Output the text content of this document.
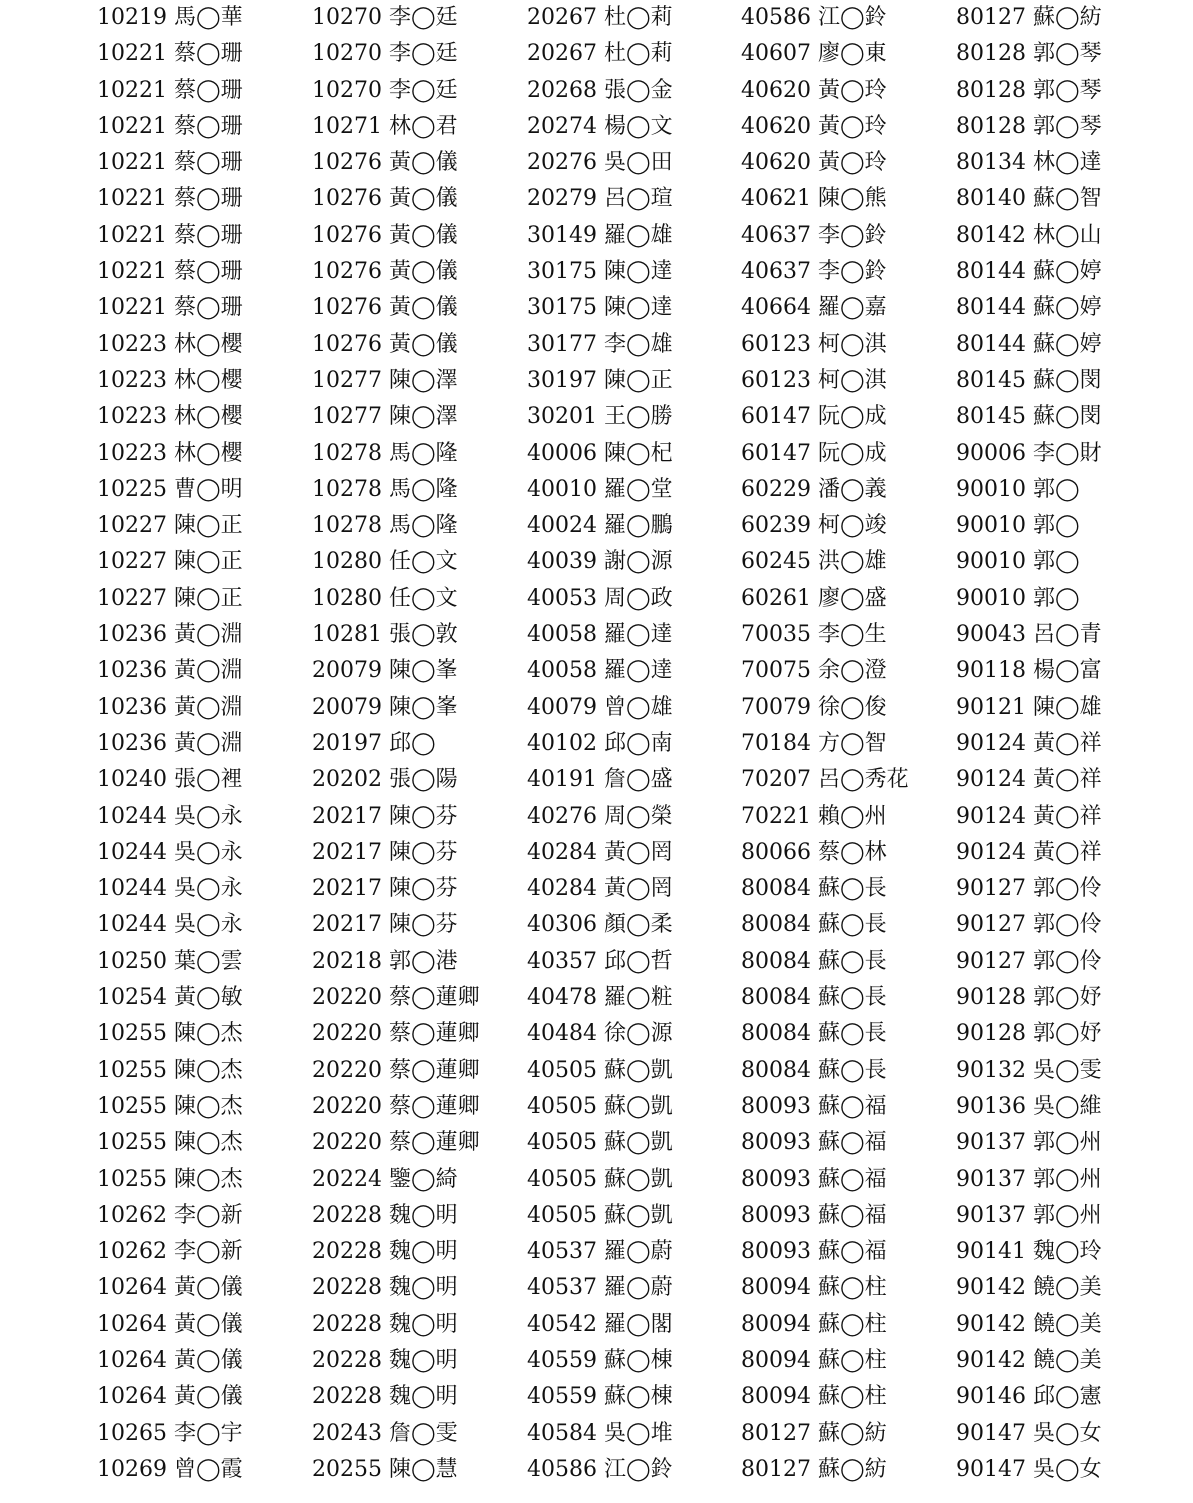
10219 馬◯華
10221 蔡◯珊
10221 蔡◯珊
10221 蔡◯珊
10221 蔡◯珊
10221 蔡◯珊
10221 蔡◯珊
10221 蔡◯珊
10221 蔡◯珊
10223 林◯櫻
10223 林◯櫻
10223 林◯櫻
10223 林◯櫻
10225 曹◯明
10227 陳◯正
10227 陳◯正
10227 陳◯正
10236 黃◯淵
10236 黃◯淵
10236 黃◯淵
10236 黃◯淵
10240 張◯裡
10244 吳◯永
10244 吳◯永
10244 吳◯永
10244 吳◯永
10250 葉◯雲
10254 黃◯敏
10255 陳◯杰
10255 陳◯杰
10255 陳◯杰
10255 陳◯杰
10255 陳◯杰
10262 李◯新
10262 李◯新
10264 黃◯儀
10264 黃◯儀
10264 黃◯儀
10264 黃◯儀
10265 李◯宇
10269 曾◯霞
10270 李◯廷
10270 李◯廷
10270 李◯廷
10271 林◯君
10276 黃◯儀
10276 黃◯儀
10276 黃◯儀
10276 黃◯儀
10276 黃◯儀
10276 黃◯儀
10277 陳◯澤
10277 陳◯澤
10278 馬◯隆
10278 馬◯隆
10278 馬◯隆
10280 任◯文
10280 任◯文
10281 張◯敦
20079 陳◯峯
20079 陳◯峯
20197 邱◯
20202 張◯陽
20217 陳◯芬
20217 陳◯芬
20217 陳◯芬
20217 陳◯芬
20218 郭◯港
20220 蔡◯蓮卿
20220 蔡◯蓮卿
20220 蔡◯蓮卿
20220 蔡◯蓮卿
20220 蔡◯蓮卿
20224 鑒◯綺
20228 魏◯明
20228 魏◯明
20228 魏◯明
20228 魏◯明
20228 魏◯明
20228 魏◯明
20243 詹◯雯
20255 陳◯慧
20267 杜◯莉
20267 杜◯莉
20268 張◯金
20274 楊◯文
20276 吳◯田
20279 呂◯瑄
30149 羅◯雄
30175 陳◯達
30175 陳◯達
30177 李◯雄
30197 陳◯正
30201 王◯勝
40006 陳◯杞
40010 羅◯堂
40024 羅◯鵬
40039 謝◯源
40053 周◯政
40058 羅◯達
40058 羅◯達
40079 曾◯雄
40102 邱◯南
40191 詹◯盛
40276 周◯榮
40284 黃◯罔
40284 黃◯罔
40306 顏◯柔
40357 邱◯哲
40478 羅◯粧
40484 徐◯源
40505 蘇◯凱
40505 蘇◯凱
40505 蘇◯凱
40505 蘇◯凱
40505 蘇◯凱
40537 羅◯蔚
40537 羅◯蔚
40542 羅◯閣
40559 蘇◯棟
40559 蘇◯棟
40584 吳◯堆
40586 江◯鈴
40586 江◯鈴
40607 廖◯東
40620 黃◯玲
40620 黃◯玲
40620 黃◯玲
40621 陳◯熊
40637 李◯鈴
40637 李◯鈴
40664 羅◯嘉
60123 柯◯淇
60123 柯◯淇
60147 阮◯成
60147 阮◯成
60229 潘◯義
60239 柯◯竣
60245 洪◯雄
60261 廖◯盛
70035 李◯生
70075 余◯澄
70079 徐◯俊
70184 方◯智
70207 呂◯秀花
70221 賴◯州
80066 蔡◯林
80084 蘇◯長
80084 蘇◯長
80084 蘇◯長
80084 蘇◯長
80084 蘇◯長
80084 蘇◯長
80093 蘇◯福
80093 蘇◯福
80093 蘇◯福
80093 蘇◯福
80093 蘇◯福
80094 蘇◯柱
80094 蘇◯柱
80094 蘇◯柱
80094 蘇◯柱
80127 蘇◯紡
80127 蘇◯紡
80127 蘇◯紡
80128 郭◯琴
80128 郭◯琴
80128 郭◯琴
80134 林◯達
80140 蘇◯智
80142 林◯山
80144 蘇◯婷
80144 蘇◯婷
80144 蘇◯婷
80145 蘇◯閔
80145 蘇◯閔
90006 李◯財
90010 郭◯
90010 郭◯
90010 郭◯
90010 郭◯
90043 呂◯青
90118 楊◯富
90121 陳◯雄
90124 黃◯祥
90124 黃◯祥
90124 黃◯祥
90124 黃◯祥
90127 郭◯伶
90127 郭◯伶
90127 郭◯伶
90128 郭◯妤
90128 郭◯妤
90132 吳◯雯
90136 吳◯維
90137 郭◯州
90137 郭◯州
90137 郭◯州
90141 魏◯玲
90142 饒◯美
90142 饒◯美
90142 饒◯美
90146 邱◯憲
90147 吳◯女
90147 吳◯女
